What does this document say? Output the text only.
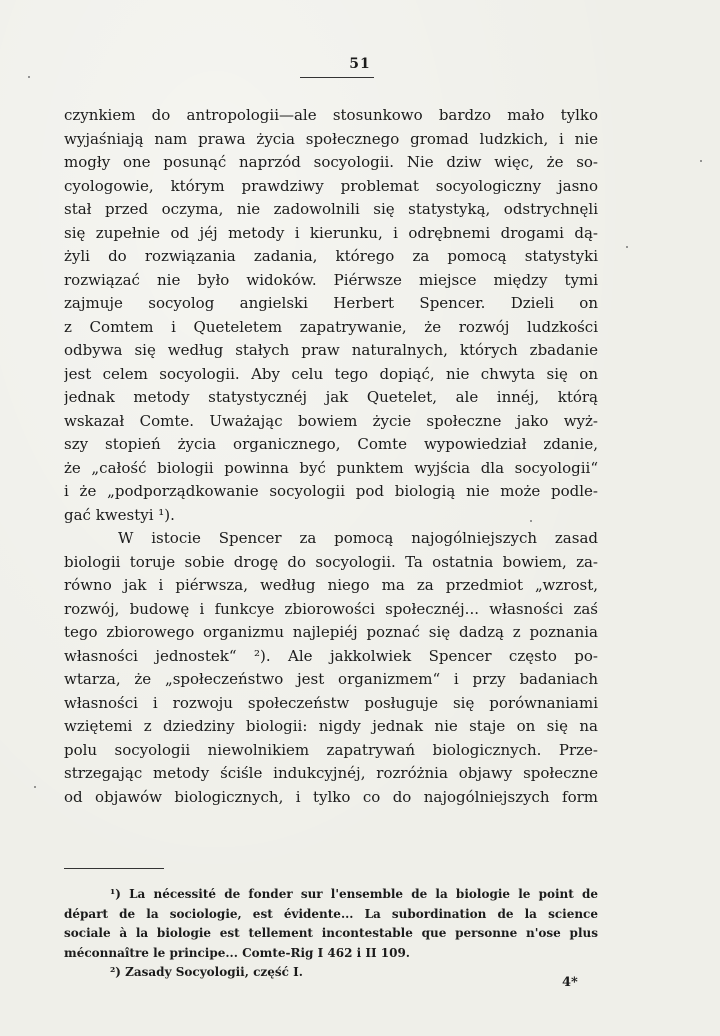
51
czynkiem do antropologii—ale stosunkowo bardzo mało tylko
wyjaśniają nam prawa życia społecznego gromad ludzkich, i nie
mogły one posunąć naprzód socyologii. Nie dziw więc, że so-
cyologowie, którym prawdziwy problemat socyologiczny jasno
stał przed oczyma, nie zadowolnili się statystyką, odstrychnęli
się zupełnie od jéj metody i kierunku, i odrębnemi drogami dą-
żyli do rozwiązania zadania, którego za pomocą statystyki
rozwiązać nie było widoków. Piérwsze miejsce między tymi
zajmuje socyolog angielski Herbert Spencer. Dzieli on
z Comtem i Queteletem zapatrywanie, że rozwój ludzkości
odbywa się według stałych praw naturalnych, których zbadanie
jest celem socyologii. Aby celu tego dopiąć, nie chwyta się on
jednak metody statystycznéj jak Quetelet, ale innéj, którą
wskazał Comte. Uważając bowiem życie społeczne jako wyż-
szy stopień życia organicznego, Comte wypowiedział zdanie,
że „całość biologii powinna być punktem wyjścia dla socyologii“
i że „podporządkowanie socyologii pod biologią nie może podle-
gać kwestyi ¹).
W istocie Spencer za pomocą najogólniejszych zasad
biologii toruje sobie drogę do socyologii. Ta ostatnia bowiem, za-
równo jak i piérwsza, według niego ma za przedmiot „wzrost,
rozwój, budowę i funkcye zbiorowości społecznéj... własności zaś
tego zbiorowego organizmu najlepiéj poznać się dadzą z poznania
własności jednostek“ ²). Ale jakkolwiek Spencer często po-
wtarza, że „społeczeństwo jest organizmem“ i przy badaniach
własności i rozwoju społeczeństw posługuje się porównaniami
wziętemi z dziedziny biologii: nigdy jednak nie staje on się na
polu socyologii niewolnikiem zapatrywań biologicznych. Prze-
strzegając metody ściśle indukcyjnéj, rozróżnia objawy społeczne
od objawów biologicznych, i tylko co do najogólniejszych form
¹) La nécessité de fonder sur l'ensemble de la biologie le point de
départ de la sociologie, est évidente... La subordination de la science
sociale à la biologie est tellement incontestable que personne n'ose plus
méconnaître le principe... Comte-Rig I 462 i II 109.
²) Zasady Socyologii, część I.
4*
